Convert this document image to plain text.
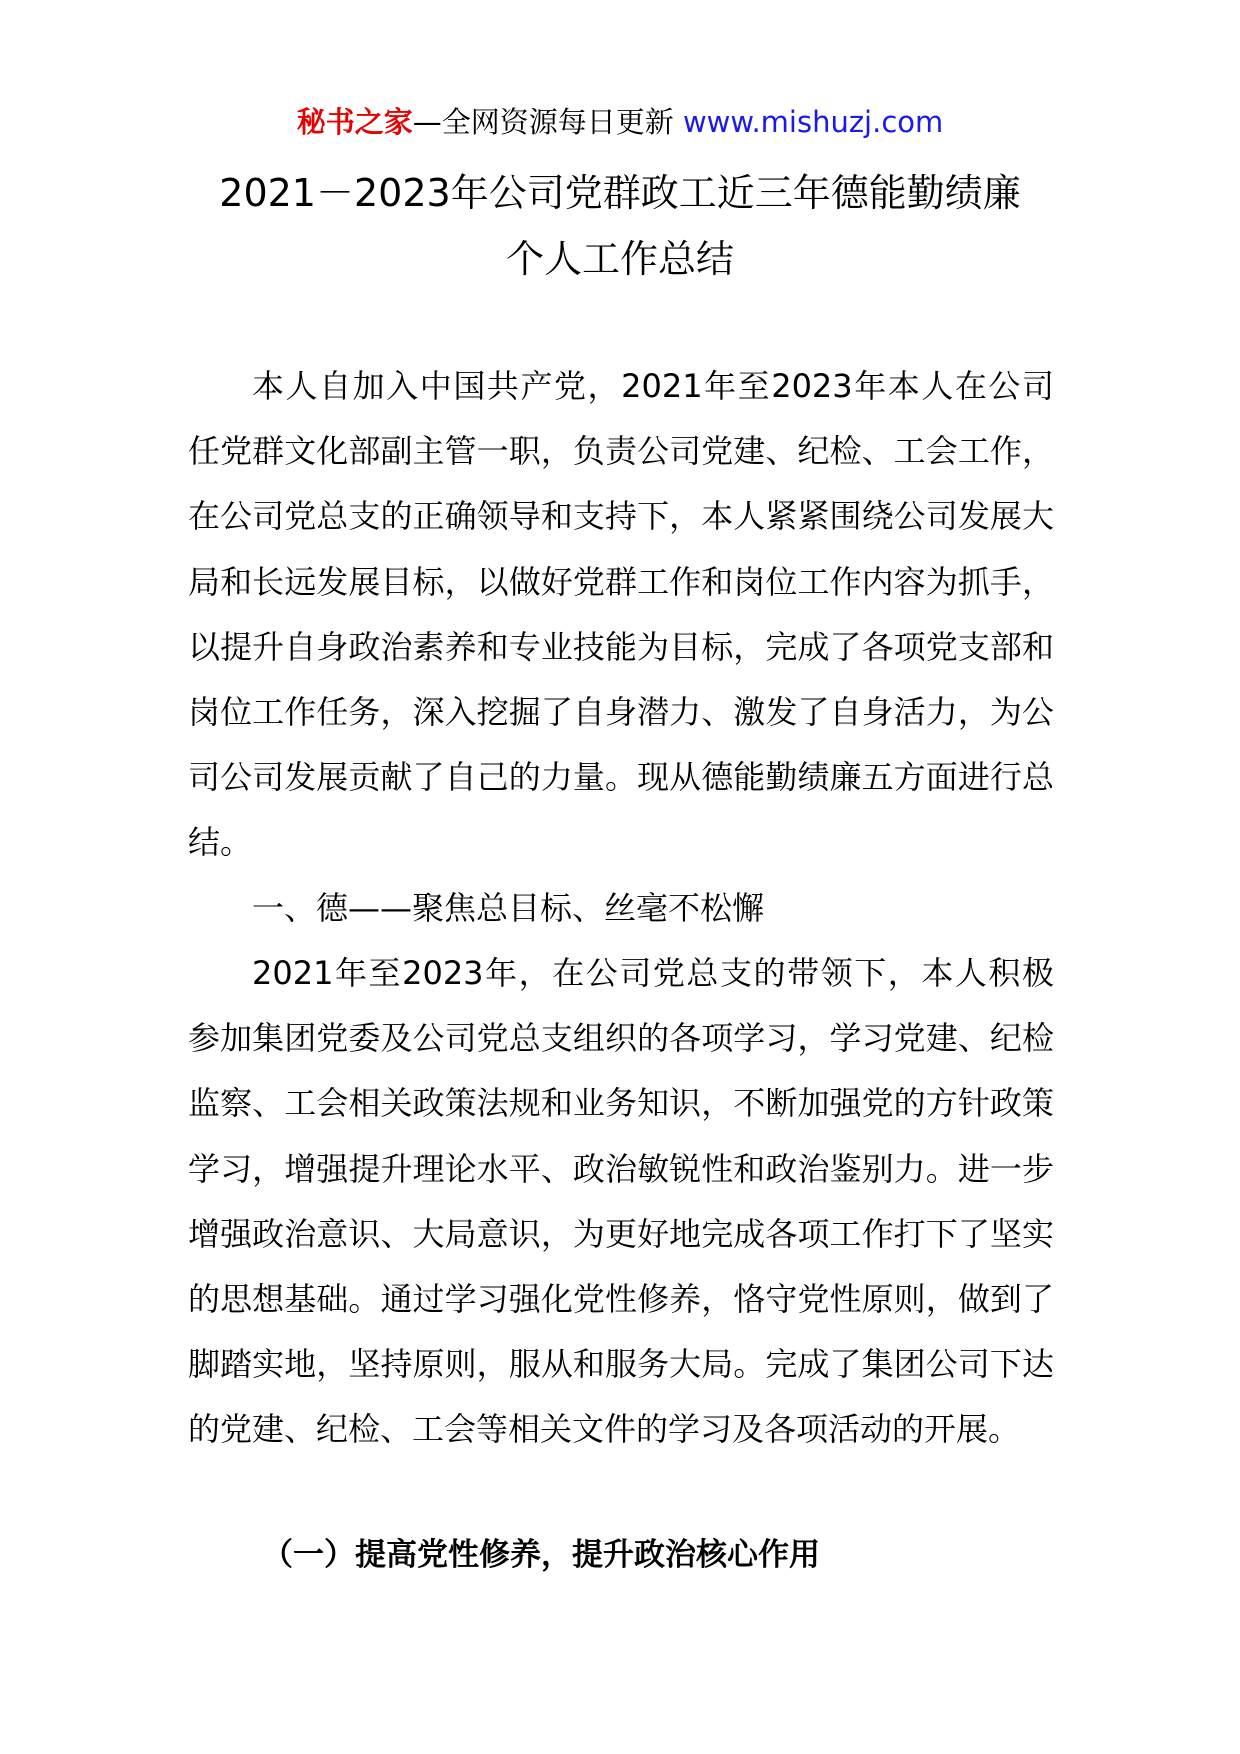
秘书之家—全网资源每日更新 www.mishuzj.com
2021－2023年公司党群政工近三年德能勤绩廉
个人工作总结

本人自加入中国共产党，2021年至2023年本人在公司任党群文化部副主管一职，负责公司党建、纪检、工会工作，在公司党总支的正确领导和支持下，本人紧紧围绕公司发展大局和长远发展目标，以做好党群工作和岗位工作内容为抓手，以提升自身政治素养和专业技能为目标，完成了各项党支部和岗位工作任务，深入挖掘了自身潜力、激发了自身活力，为公司公司发展贡献了自己的力量。现从德能勤绩廉五方面进行总结。

一、德——聚焦总目标、丝毫不松懈

2021年至2023年，在公司党总支的带领下，本人积极参加集团党委及公司党总支组织的各项学习，学习党建、纪检监察、工会相关政策法规和业务知识，不断加强党的方针政策学习，增强提升理论水平、政治敏锐性和政治鉴别力。进一步增强政治意识、大局意识，为更好地完成各项工作打下了坚实的思想基础。通过学习强化党性修养，恪守党性原则，做到了脚踏实地，坚持原则，服从和服务大局。完成了集团公司下达的党建、纪检、工会等相关文件的学习及各项活动的开展。

（一）提高党性修养，提升政治核心作用
